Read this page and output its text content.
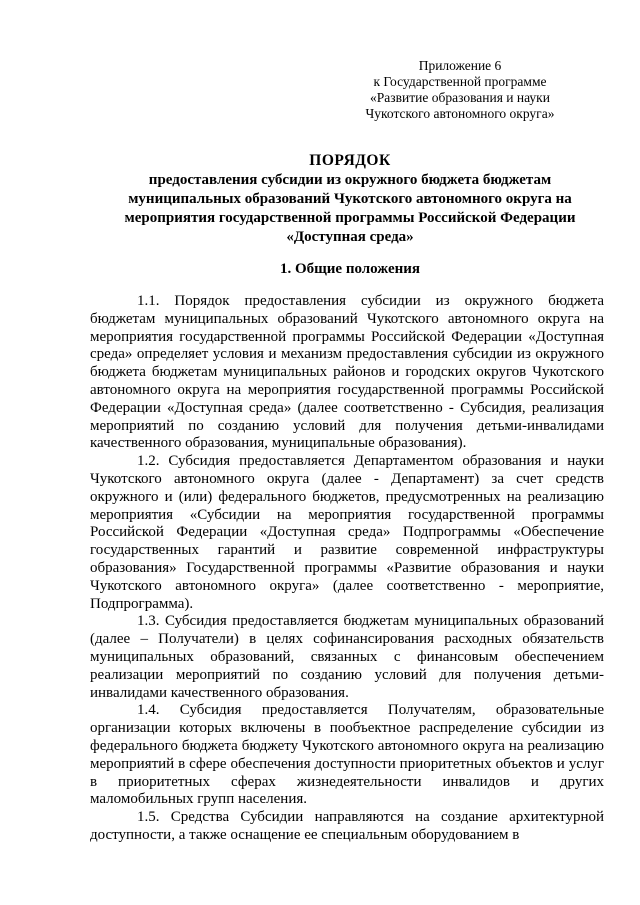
Приложение 6
к Государственной программе
«Развитие образования и науки
Чукотского автономного округа»
ПОРЯДОК
предоставления субсидии из окружного бюджета бюджетам
муниципальных образований Чукотского автономного округа на
мероприятия государственной программы Российской Федерации
«Доступная среда»
1. Общие положения

1.1. Порядок предоставления субсидии из окружного бюджета бюджетам муниципальных образований Чукотского автономного округа на мероприятия государственной программы Российской Федерации «Доступная среда» определяет условия и механизм предоставления субсидии из окружного бюджета бюджетам муниципальных районов и городских округов Чукотского автономного округа на мероприятия государственной программы Российской Федерации «Доступная среда» (далее соответственно - Субсидия, реализация мероприятий по созданию условий для получения детьми-инвалидами качественного образования, муниципальные образования).

1.2. Субсидия предоставляется Департаментом образования и науки Чукотского автономного округа (далее - Департамент) за счет средств окружного и (или) федерального бюджетов, предусмотренных на реализацию мероприятия «Субсидии на мероприятия государственной программы Российской Федерации «Доступная среда» Подпрограммы «Обеспечение государственных гарантий и развитие современной инфраструктуры образования» Государственной программы «Развитие образования и науки Чукотского автономного округа» (далее соответственно - мероприятие, Подпрограмма).

1.3. Субсидия предоставляется бюджетам муниципальных образований (далее – Получатели) в целях софинансирования расходных обязательств муниципальных образований, связанных с финансовым обеспечением реализации мероприятий по созданию условий для получения детьми-инвалидами качественного образования.

1.4. Субсидия предоставляется Получателям, образовательные организации которых включены в пообъектное распределение субсидии из федерального бюджета бюджету Чукотского автономного округа на реализацию мероприятий в сфере обеспечения доступности приоритетных объектов и услуг в приоритетных сферах жизнедеятельности инвалидов и других маломобильных групп населения.

1.5. Средства Субсидии направляются на создание архитектурной доступности, а также оснащение ее специальным оборудованием в
